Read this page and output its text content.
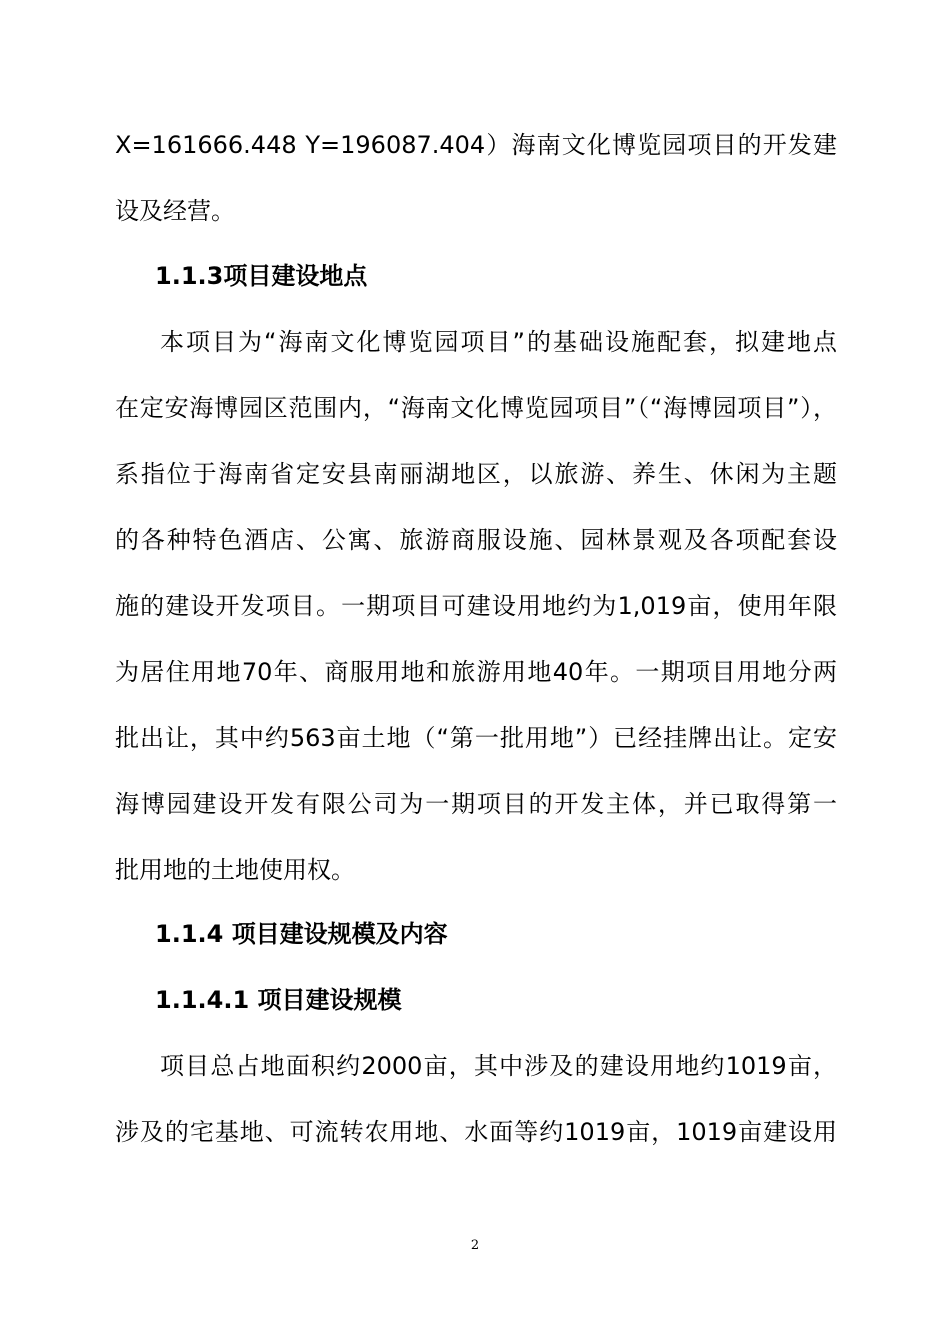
X=161666.448 Y=196087.404）海南文化博览园项目的开发建
设及经营。
1.1.3项目建设地点
本项目为“海南文化博览园项目”的基础设施配套，拟建地点
在定安海博园区范围内，“海南文化博览园项目”（“海博园项目”），
系指位于海南省定安县南丽湖地区，以旅游、养生、休闲为主题
的各种特色酒店、公寓、旅游商服设施、园林景观及各项配套设
施的建设开发项目。一期项目可建设用地约为1,019亩，使用年限
为居住用地70年、商服用地和旅游用地40年。一期项目用地分两
批出让，其中约563亩土地（“第一批用地”）已经挂牌出让。定安
海博园建设开发有限公司为一期项目的开发主体，并已取得第一
批用地的土地使用权。
1.1.4 项目建设规模及内容
1.1.4.1 项目建设规模
项目总占地面积约2000亩，其中涉及的建设用地约1019亩，
涉及的宅基地、可流转农用地、水面等约1019亩，1019亩建设用
2
